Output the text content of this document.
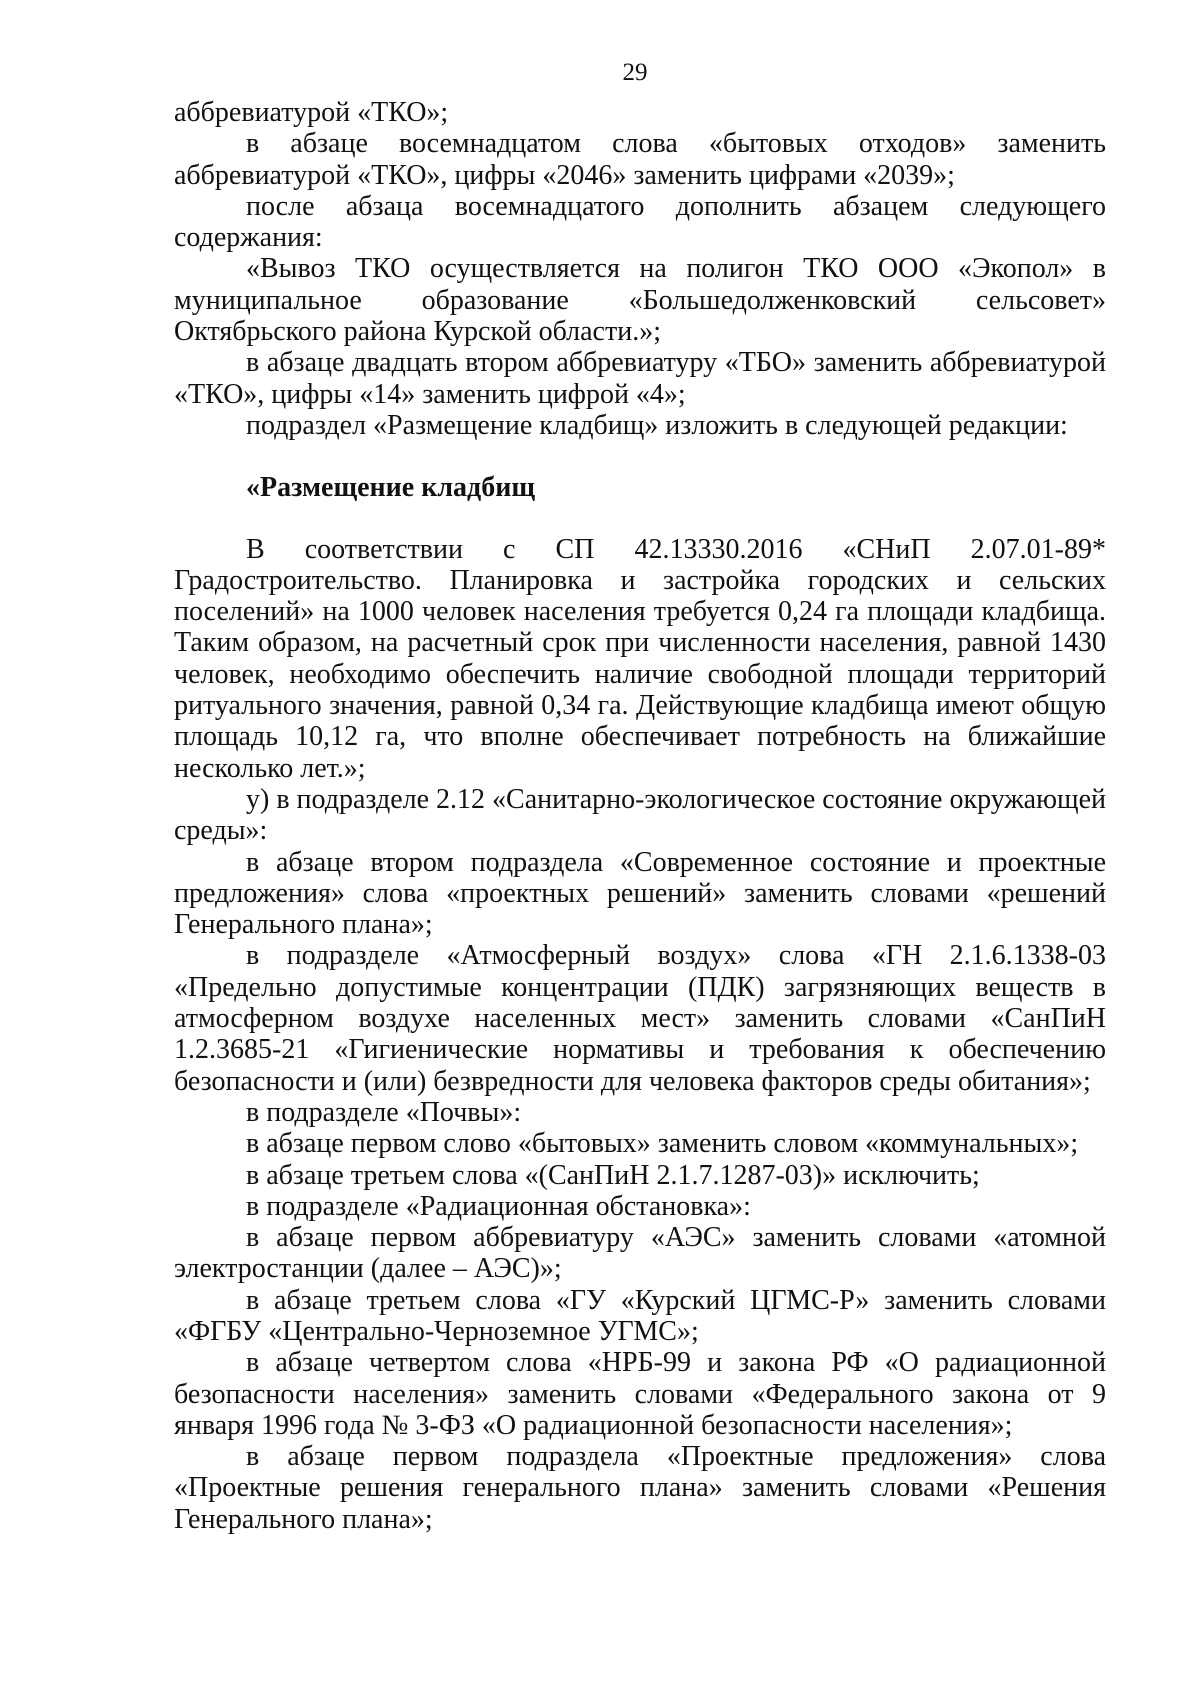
29

аббревиатурой «ТКО»;

в абзаце восемнадцатом слова «бытовых отходов» заменить аббревиатурой «ТКО», цифры «2046» заменить цифрами «2039»;

после абзаца восемнадцатого дополнить абзацем следующего содержания:

«Вывоз ТКО осуществляется на полигон ТКО ООО «Экопол» в муниципальное образование «Большедолженковский сельсовет» Октябрьского района Курской области.»;

в абзаце двадцать втором аббревиатуру «ТБО» заменить аббревиатурой «ТКО», цифры «14» заменить цифрой «4»;

подраздел «Размещение кладбищ» изложить в следующей редакции:

«Размещение кладбищ

В соответствии с СП 42.13330.2016 «СНиП 2.07.01-89* Градостроительство. Планировка и застройка городских и сельских поселений» на 1000 человек населения требуется 0,24 га площади кладбища. Таким образом, на расчетный срок при численности населения, равной 1430 человек, необходимо обеспечить наличие свободной площади территорий ритуального значения, равной 0,34 га. Действующие кладбища имеют общую площадь 10,12 га, что вполне обеспечивает потребность на ближайшие несколько лет.»;

у) в подразделе 2.12 «Санитарно-экологическое состояние окружающей среды»:

в абзаце втором подраздела «Современное состояние и проектные предложения» слова «проектных решений» заменить словами «решений Генерального плана»;

в подразделе «Атмосферный воздух» слова «ГН 2.1.6.1338-03 «Предельно допустимые концентрации (ПДК) загрязняющих веществ в атмосферном воздухе населенных мест» заменить словами «СанПиН 1.2.3685-21 «Гигиенические нормативы и требования к обеспечению безопасности и (или) безвредности для человека факторов среды обитания»;

в подразделе «Почвы»:

в абзаце первом слово «бытовых» заменить словом «коммунальных»;

в абзаце третьем слова «(СанПиН 2.1.7.1287-03)» исключить;

в подразделе «Радиационная обстановка»:

в абзаце первом аббревиатуру «АЭС» заменить словами «атомной электростанции (далее – АЭС)»;

в абзаце третьем слова «ГУ «Курский ЦГМС-Р» заменить словами «ФГБУ «Центрально-Черноземное УГМС»;

в абзаце четвертом слова «НРБ-99 и закона РФ «О радиационной безопасности населения» заменить словами «Федерального закона от 9 января 1996 года № 3-ФЗ «О радиационной безопасности населения»;

в абзаце первом подраздела «Проектные предложения» слова «Проектные решения генерального плана» заменить словами «Решения Генерального плана»;
